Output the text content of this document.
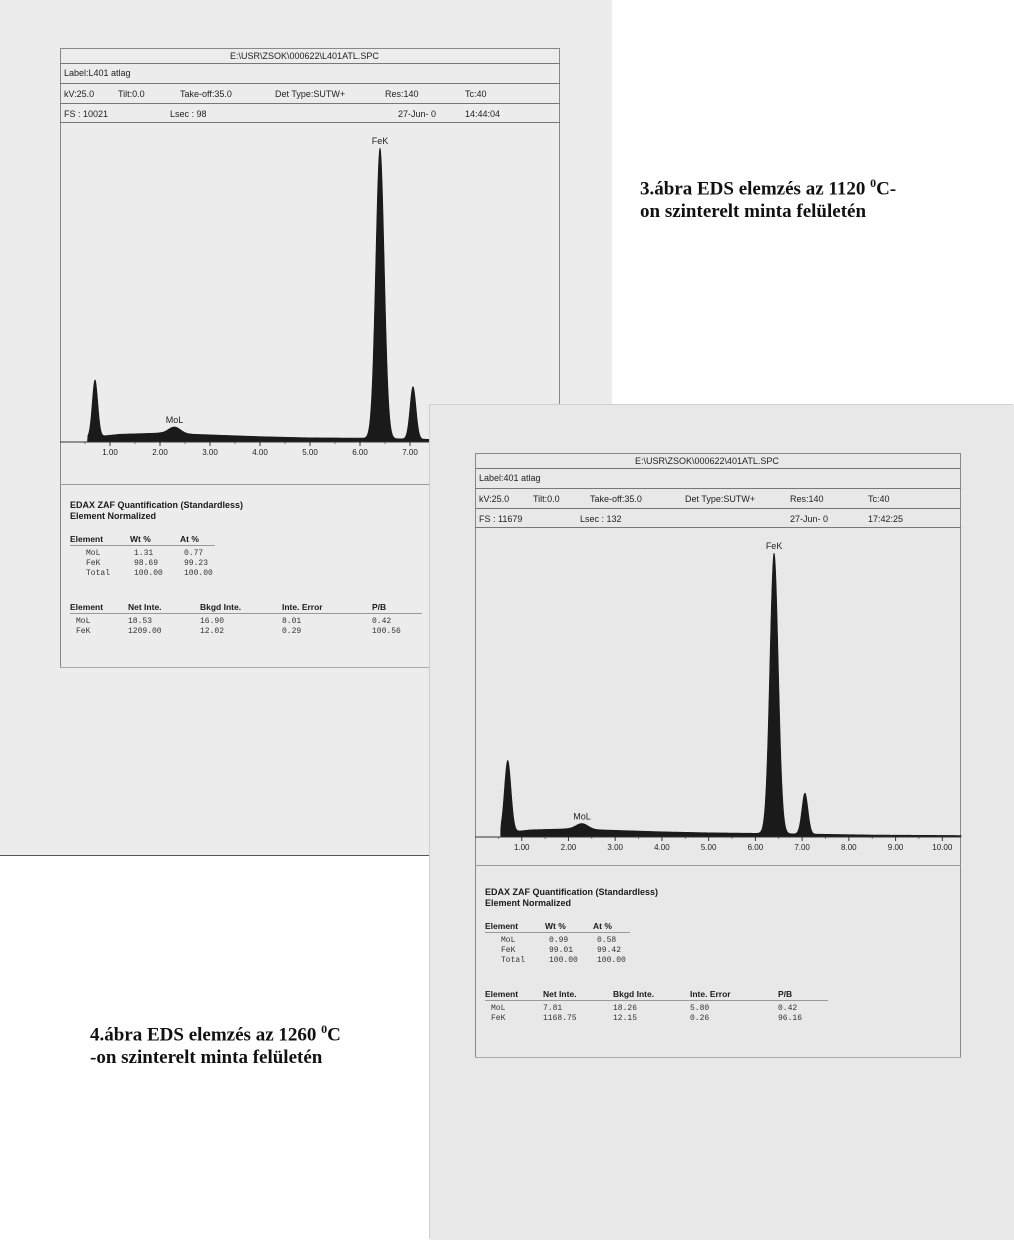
E:\USR\ZSOK\000622\L401ATL.SPC
Label:L401 atlag
kV:25.0	Tilt:0.0	Take-off:35.0	Det Type:SUTW+	Res:140	Tc:40
FS : 10021	Lsec : 98	27-Jun- 0	14:44:04
1.00	2.00	3.00	4.00	5.00	6.00	7.00
MoL
FeK
EDAX ZAF Quantification (Standardless)
Element Normalized
Element	Wt %	At %
MoL	1.31	0.77
FeK	98.69	99.23
Total	100.00	100.00
Element	Net Inte.	Bkgd Inte.	Inte. Error	P/B
MoL	18.53	16.90	8.01	0.42
FeK	1209.00	12.02	0.29	100.56
3.ábra EDS elemzés az 1120 $^0$C-
on szinterelt minta felületén
E:\USR\ZSOK\000622\401ATL.SPC
Label:401 atlag
kV:25.0	Tilt:0.0	Take-off:35.0	Det Type:SUTW+	Res:140	Tc:40
FS : 11679	Lsec : 132	27-Jun- 0	17:42:25
1.00	2.00	3.00	4.00	5.00	6.00	7.00	8.00	9.00	10.00
MoL
FeK
EDAX ZAF Quantification (Standardless)
Element Normalized
Element	Wt %	At %
MoL	0.99	0.58
FeK	99.01	99.42
Total	100.00 100.00
Element	Net Inte.	Bkgd Inte.	Inte. Error	P/B
MoL	7.81	18.26	5.80	0.42
FeK	1168.75	12.15	0.26	96.16
4.ábra EDS elemzés az 1260 $^0$C
-on szinterelt minta felületén
